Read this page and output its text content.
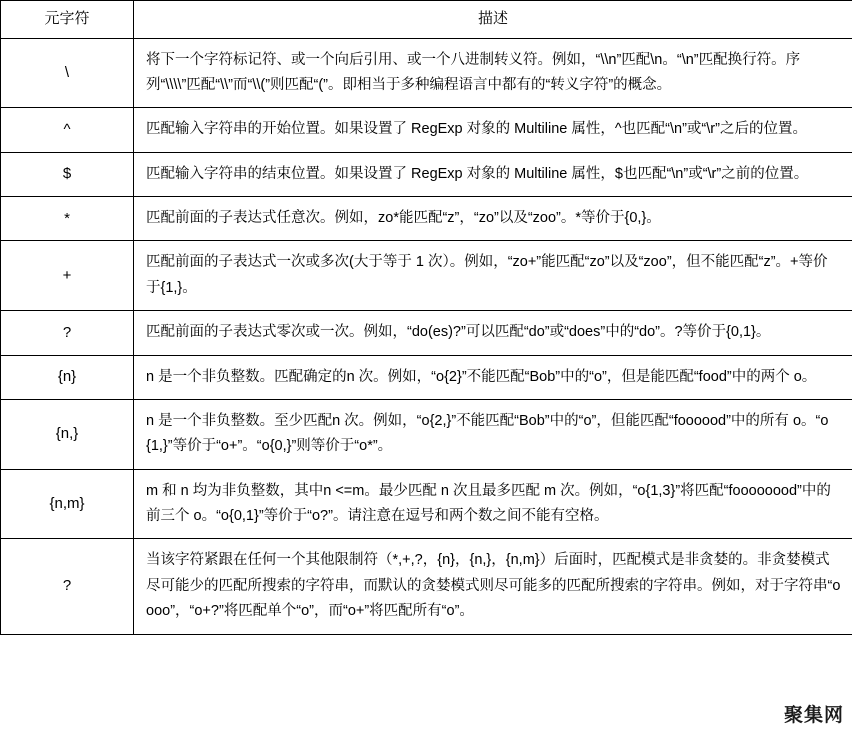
元字符	描述
\	将下一个字符标记符、或一个向后引用、或一个八进制转义符。例如，“\\n”匹配\n。“\n”匹配换行符。序列“\\\\”匹配“\\”而“\\(”则匹配“(”。即相当于多种编程语言中都有的“转义字符”的概念。
^	匹配输入字符串的开始位置。如果设置了 RegExp 对象的 Multiline 属性，^也匹配“\n”或“\r”之后的位置。
$	匹配输入字符串的结束位置。如果设置了 RegExp 对象的 Multiline 属性，$也匹配“\n”或“\r”之前的位置。
*	匹配前面的子表达式任意次。例如，zo*能匹配“z”，“zo”以及“zoo”。*等价于{0,}。
+	匹配前面的子表达式一次或多次(大于等于 1 次）。例如，“zo+”能匹配“zo”以及“zoo”，但不能匹配“z”。+等价于{1,}。
?	匹配前面的子表达式零次或一次。例如，“do(es)?”可以匹配“do”或“does”中的“do”。?等价于{0,1}。
{n}	n 是一个非负整数。匹配确定的n 次。例如，“o{2}”不能匹配“Bob”中的“o”，但是能匹配“food”中的两个 o。
{n,}	n 是一个非负整数。至少匹配n 次。例如，“o{2,}”不能匹配“Bob”中的“o”，但能匹配“foooood”中的所有 o。“o{1,}”等价于“o+”。“o{0,}”则等价于“o*”。
{n,m}	m 和 n 均为非负整数，其中n <=m。最少匹配 n 次且最多匹配 m 次。例如，“o{1,3}”将匹配“foooooood”中的前三个 o。“o{0,1}”等价于“o?”。请注意在逗号和两个数之间不能有空格。
?	当该字符紧跟在任何一个其他限制符（*,+,?，{n}，{n,}，{n,m}）后面时，匹配模式是非贪婪的。非贪婪模式尽可能少的匹配所搜索的字符串，而默认的贪婪模式则尽可能多的匹配所搜索的字符串。例如，对于字符串“oooo”，“o+?”将匹配单个“o”，而“o+”将匹配所有“o”。
聚集网
